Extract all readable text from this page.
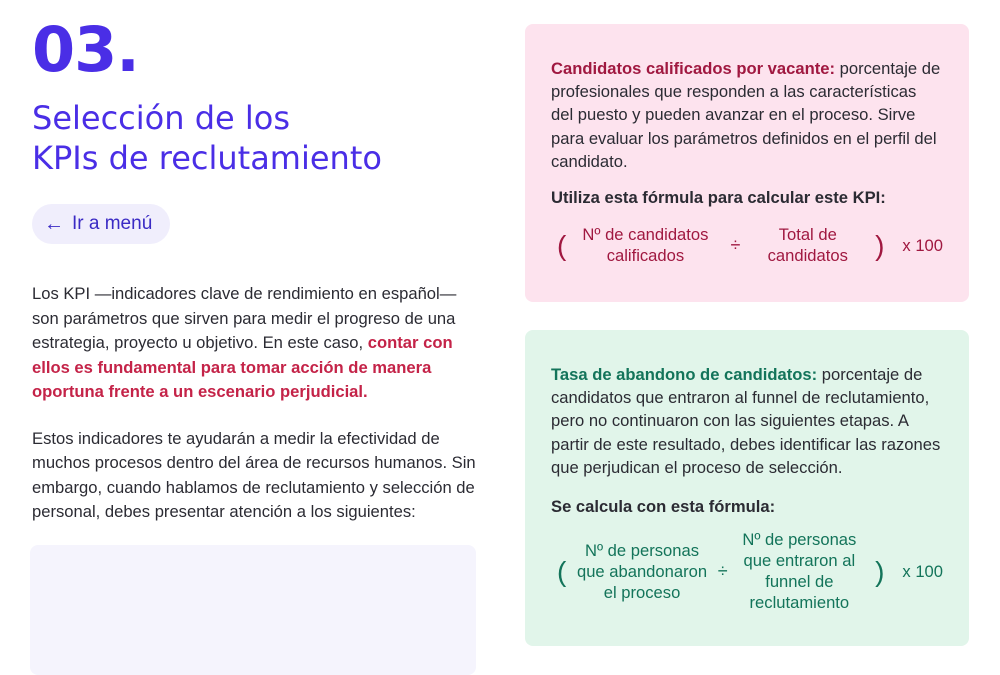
03.
Selección de los
KPIs de reclutamiento
← Ir a menú
Los KPI —indicadores clave de rendimiento en español— son parámetros que sirven para medir el progreso de una estrategia, proyecto u objetivo. En este caso, contar con ellos es fundamental para tomar acción de manera oportuna frente a un escenario perjudicial.
Estos indicadores te ayudarán a medir la efectividad de muchos procesos dentro del área de recursos humanos. Sin embargo, cuando hablamos de reclutamiento y selección de personal, debes presentar atención a los siguientes:
Candidatos calificados por vacante: porcentaje de profesionales que responden a las características del puesto y pueden avanzar en el proceso. Sirve para evaluar los parámetros definidos en el perfil del candidato.
Utiliza esta fórmula para calcular este KPI:
( Nº de candidatos calificados
÷	Total de candidatos ) x 100
Tasa de abandono de candidatos: porcentaje de candidatos que entraron al funnel de reclutamiento, pero no continuaron con las siguientes etapas. A partir de este resultado, debes identificar las razones que perjudican el proceso de selección.
Se calcula con esta fórmula:
(
Nº de personas que abandonaron el proceso
÷
Nº de personas que entraron al funnel de reclutamiento
) x 100
